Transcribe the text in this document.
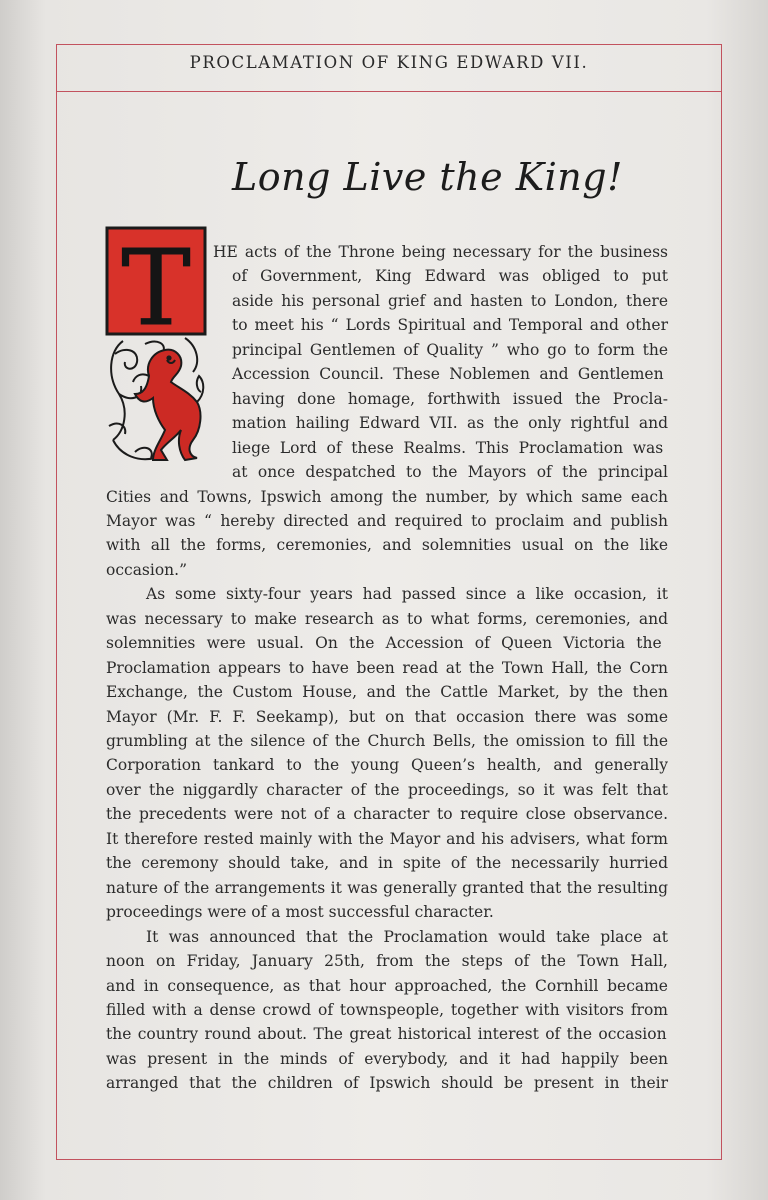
PROCLAMATION OF KING EDWARD VII.
Long Live the King!
T HE acts of the Throne being necessary for the business
of Government, King Edward was obliged to put
aside his personal grief and hasten to London, there
to meet his “ Lords Spiritual and Temporal and other
principal Gentlemen of Quality ” who go to form the
Accession Council. These Noblemen and Gentlemen
having done homage, forthwith issued the Procla-
mation hailing Edward VII. as the only rightful and
liege Lord of these Realms. This Proclamation was
at once despatched to the Mayors of the principal
Cities and Towns, Ipswich among the number, by which same each
Mayor was “ hereby directed and required to proclaim and publish
with all the forms, ceremonies, and solemnities usual on the like
occasion.”
As some sixty-four years had passed since a like occasion, it
was necessary to make research as to what forms, ceremonies, and
solemnities were usual. On the Accession of Queen Victoria the
Proclamation appears to have been read at the Town Hall, the Corn
Exchange, the Custom House, and the Cattle Market, by the then
Mayor (Mr. F. F. Seekamp), but on that occasion there was some
grumbling at the silence of the Church Bells, the omission to fill the
Corporation tankard to the young Queen’s health, and generally
over the niggardly character of the proceedings, so it was felt that
the precedents were not of a character to require close observance.
It therefore rested mainly with the Mayor and his advisers, what form
the ceremony should take, and in spite of the necessarily hurried
nature of the arrangements it was generally granted that the resulting
proceedings were of a most successful character.
It was announced that the Proclamation would take place at
noon on Friday, January 25th, from the steps of the Town Hall,
and in consequence, as that hour approached, the Cornhill became
filled with a dense crowd of townspeople, together with visitors from
the country round about. The great historical interest of the occasion
was present in the minds of everybody, and it had happily been
arranged that the children of Ipswich should be present in their
